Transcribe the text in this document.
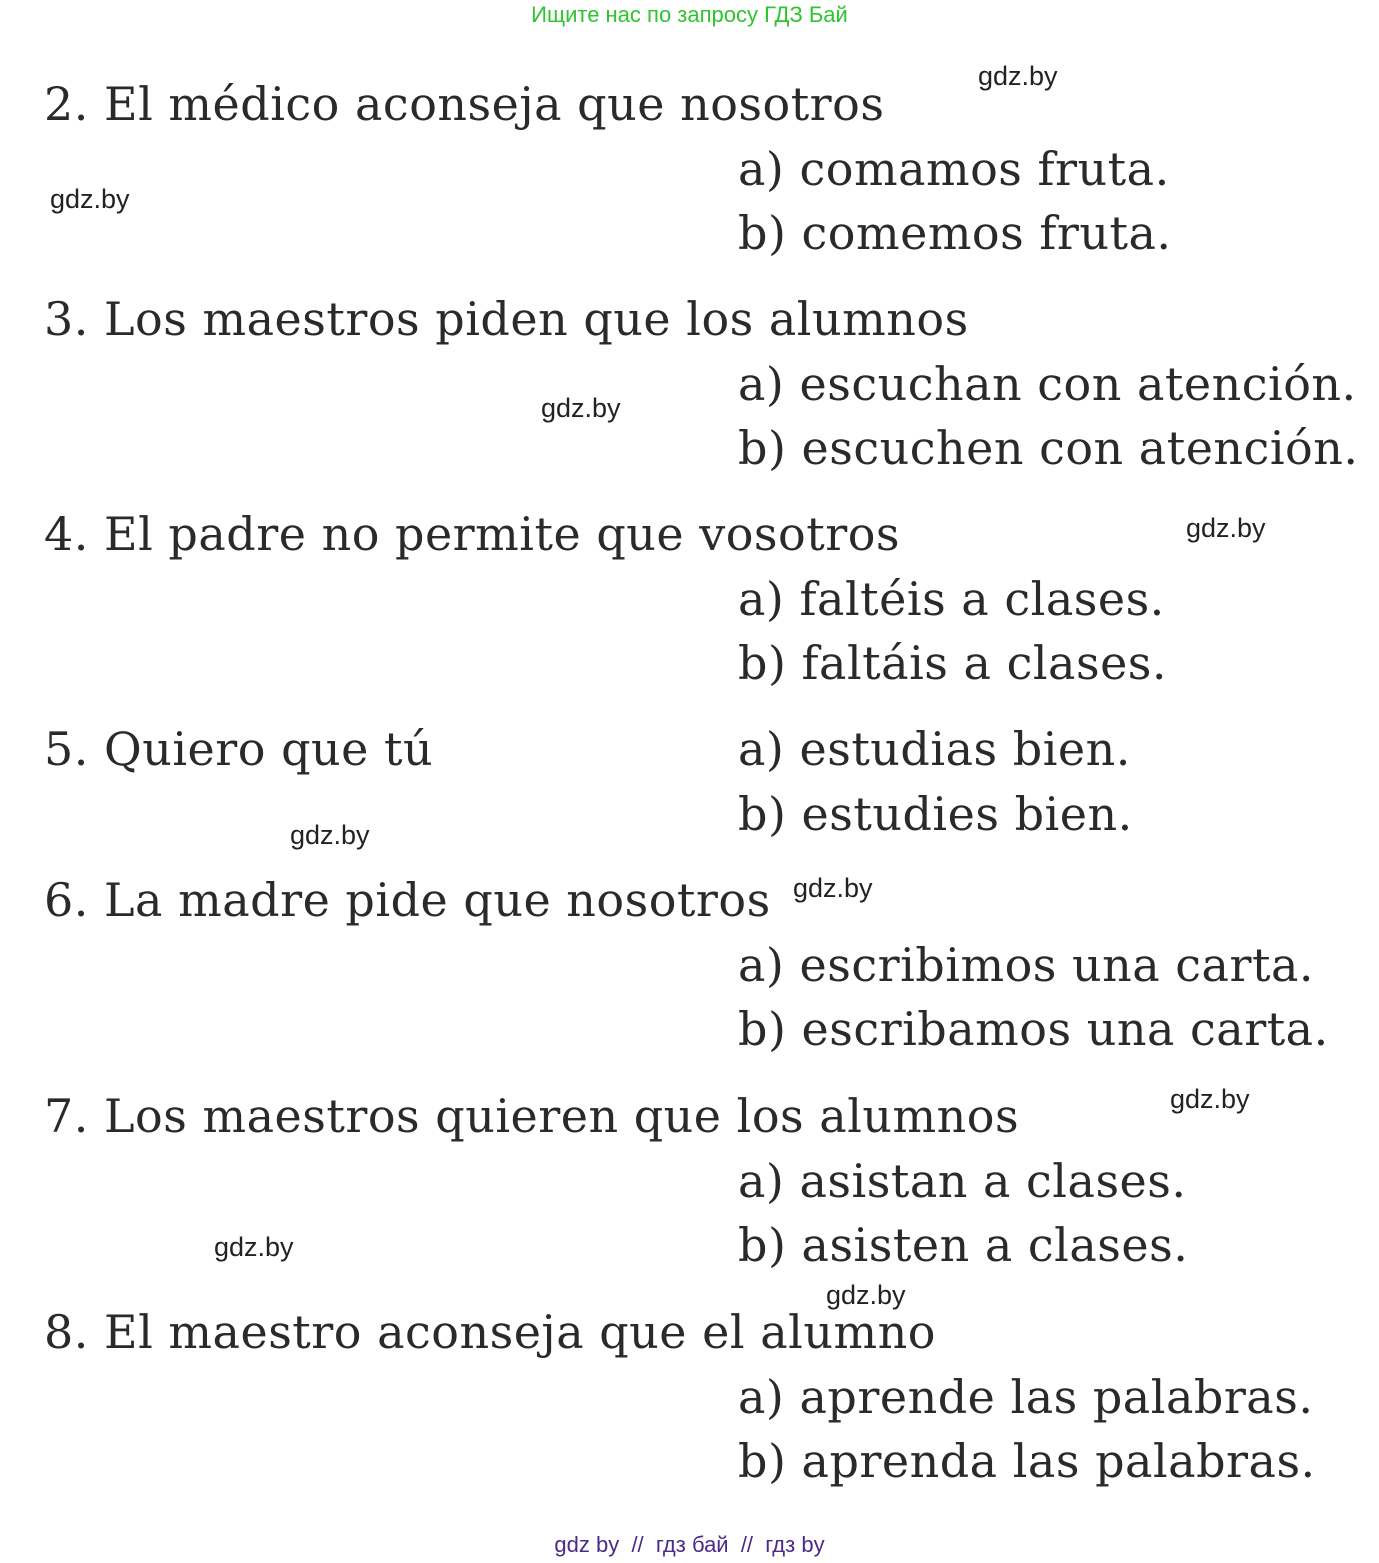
Ищите нас по запросу ГДЗ Бай
2. El médico aconseja que nosotros
a) comamos fruta.
b) comemos fruta.
3. Los maestros piden que los alumnos
a) escuchan con atención.
b) escuchen con atención.
4. El padre no permite que vosotros
a) faltéis a clases.
b) faltáis a clases.
5. Quiero que tú	a) estudias bien.
b) estudies bien.
6. La madre pide que nosotros
a) escribimos una carta.
b) escribamos una carta.
7. Los maestros quieren que los alumnos
a) asistan a clases.
b) asisten a clases.
8. El maestro aconseja que el alumno
a) aprende las palabras.
b) aprenda las palabras.
gdz.by
gdz.by
gdz.by
gdz.by
gdz.by
gdz.by
gdz.by
gdz.by
gdz.by
gdz by  //  гдз бай  //  гдз by
